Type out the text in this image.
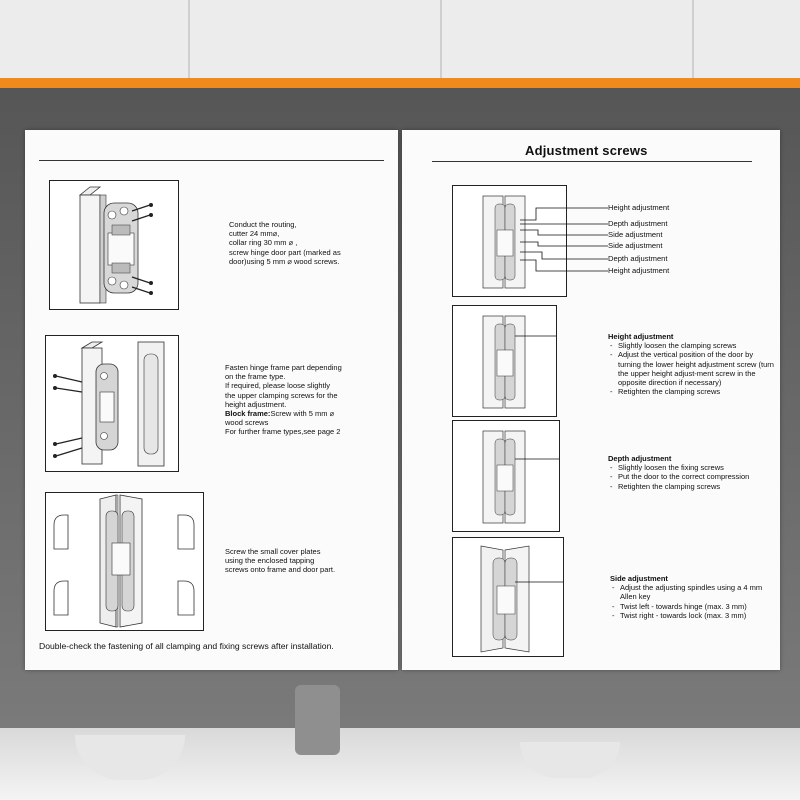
Conduct the routing,
cutter 24 mm⌀,
collar ring 30 mm ⌀ ,
screw hinge door part (marked as
door)using 5 mm ⌀ wood screws.
Fasten hinge frame part depending
on the frame type.
If required, please loose slightly
the upper clamping screws for the
height adjustment.
Block frame:Screw with 5 mm ⌀
wood screws
For further frame types,see page 2
Screw the small cover plates
using the enclosed tapping
screws onto frame and door part.
Double-check the fastening of all clamping and fixing screws after installation.
Adjustment screws
Height adjustment
Depth adjustment
Side adjustment
Side adjustment
Depth adjustment
Height adjustment
Height adjustment
- Slightly loosen the clamping screws
- Adjust the vertical position of the door by turning the lower height adjustment screw (turn the upper height adjust-ment screw in the opposite direction if necessary)
- Retighten the clamping screws
Depth adjustment
- Slightly loosen the fixing screws
- Put the door to the correct compression
- Retighten the clamping screws
Side adjustment
- Adjust the adjusting spindles using a 4 mm Allen key
- Twist left - towards hinge (max. 3 mm)
- Twist right - towards lock (max. 3 mm)
